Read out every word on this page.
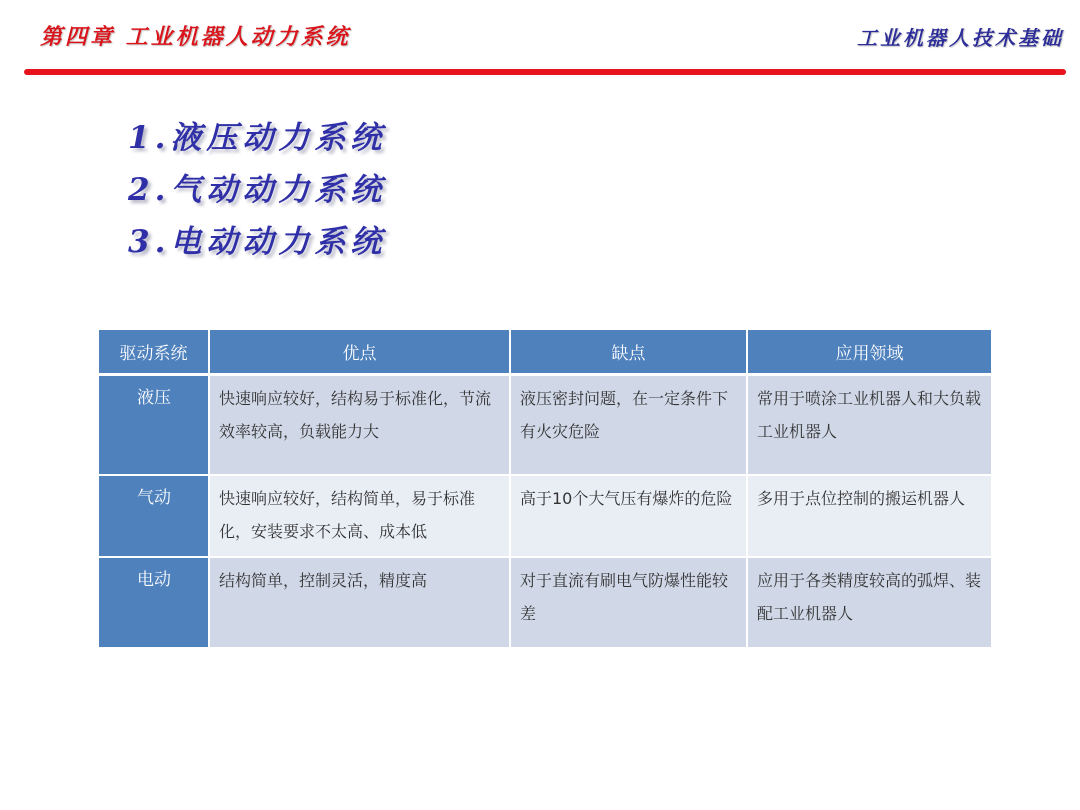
第四章 工业机器人动力系统	工业机器人技术基础
1.液压动力系统
2.气动动力系统
3.电动动力系统
驱动系统	优点	缺点	应用领域
液压	快速响应较好，结构易于标准化，节流效率较高，负载能力大	液压密封问题，在一定条件下有火灾危险	常用于喷涂工业机器人和大负载工业机器人
气动	快速响应较好，结构简单，易于标准化，安装要求不太高、成本低	高于10个大气压有爆炸的危险	多用于点位控制的搬运机器人
电动	结构简单，控制灵活，精度高	对于直流有刷电气防爆性能较差	应用于各类精度较高的弧焊、装配工业机器人
